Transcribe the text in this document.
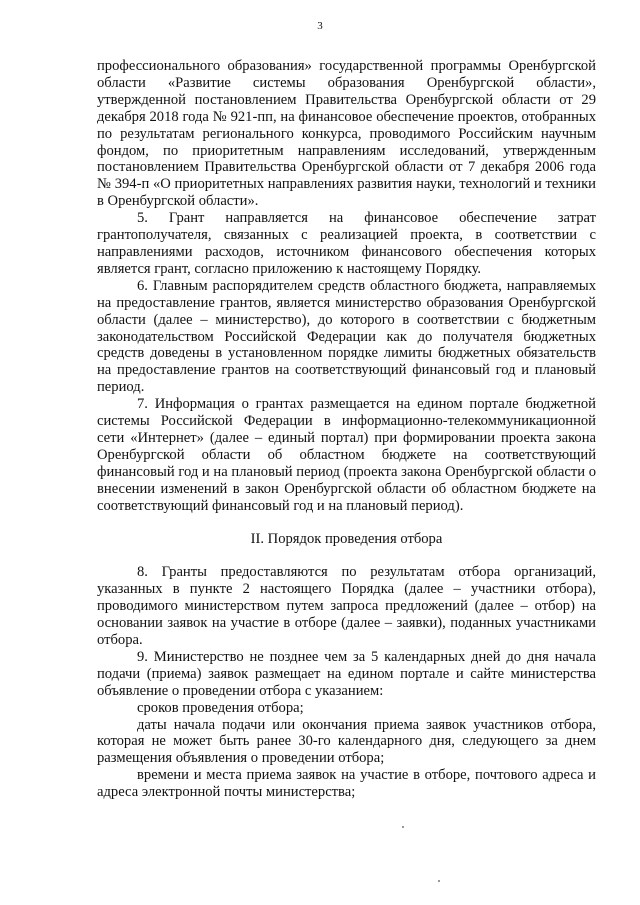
3

профессионального образования» государственной программы Оренбургской области «Развитие системы образования Оренбургской области», утвержденной постановлением Правительства Оренбургской области от 29 декабря 2018 года № 921-пп, на финансовое обеспечение проектов, отобранных по результатам регионального конкурса, проводимого Российским научным фондом, по приоритетным направлениям исследований, утвержденным постановлением Правительства Оренбургской области от 7 декабря 2006 года № 394-п «О приоритетных направлениях развития науки, технологий и техники в Оренбургской области».

5. Грант направляется на финансовое обеспечение затрат грантополучателя, связанных с реализацией проекта, в соответствии с направлениями расходов, источником финансового обеспечения которых является грант, согласно приложению к настоящему Порядку.

6. Главным распорядителем средств областного бюджета, направляемых на предоставление грантов, является министерство образования Оренбургской области (далее – министерство), до которого в соответствии с бюджетным законодательством Российской Федерации как до получателя бюджетных средств доведены в установленном порядке лимиты бюджетных обязательств на предоставление грантов на соответствующий финансовый год и плановый период.

7. Информация о грантах размещается на едином портале бюджетной системы Российской Федерации в информационно-телекоммуникационной сети «Интернет» (далее – единый портал) при формировании проекта закона Оренбургской области об областном бюджете на соответствующий финансовый год и на плановый период (проекта закона Оренбургской области о внесении изменений в закон Оренбургской области об областном бюджете на соответствующий финансовый год и на плановый период).

II. Порядок проведения отбора

8. Гранты предоставляются по результатам отбора организаций, указанных в пункте 2 настоящего Порядка (далее – участники отбора), проводимого министерством путем запроса предложений (далее – отбор) на основании заявок на участие в отборе (далее – заявки), поданных участниками отбора.

9. Министерство не позднее чем за 5 календарных дней до дня начала подачи (приема) заявок размещает на едином портале и сайте министерства объявление о проведении отбора с указанием:

сроков проведения отбора;

даты начала подачи или окончания приема заявок участников отбора, которая не может быть ранее 30-го календарного дня, следующего за днем размещения объявления о проведении отбора;

времени и места приема заявок на участие в отборе, почтового адреса и адреса электронной почты министерства;
